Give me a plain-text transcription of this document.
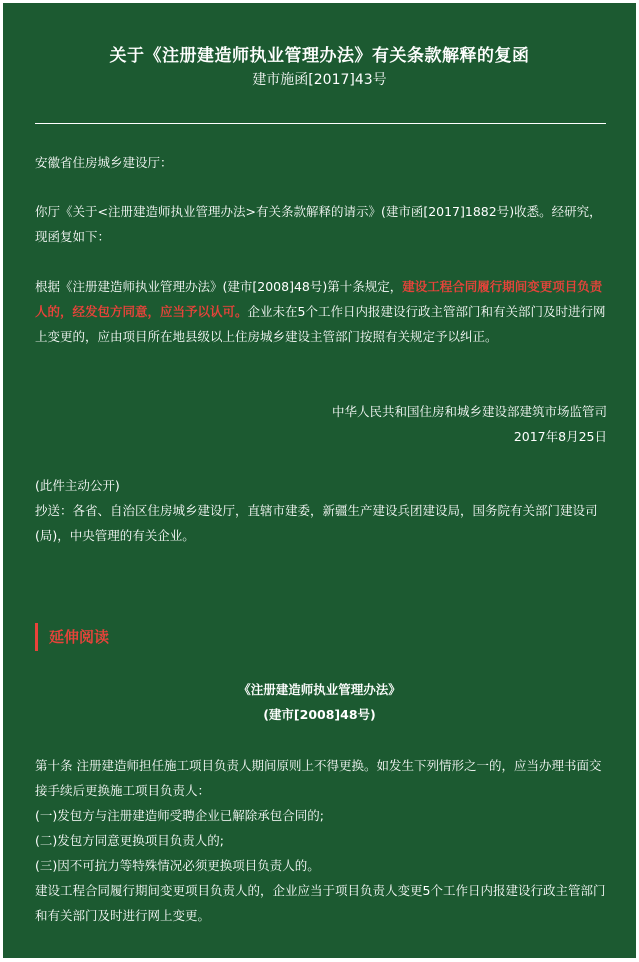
关于《注册建造师执业管理办法》有关条款解释的复函
建市施函[2017]43号
安徽省住房城乡建设厅：
你厅《关于<注册建造师执业管理办法>有关条款解释的请示》(建市函[2017]1882号)收悉。经研究，现函复如下：
根据《注册建造师执业管理办法》(建市[2008]48号)第十条规定，建设工程合同履行期间变更项目负责人的，经发包方同意，应当予以认可。企业未在5个工作日内报建设行政主管部门和有关部门及时进行网上变更的，应由项目所在地县级以上住房城乡建设主管部门按照有关规定予以纠正。
中华人民共和国住房和城乡建设部建筑市场监管司
2017年8月25日
(此件主动公开)
抄送：各省、自治区住房城乡建设厅，直辖市建委，新疆生产建设兵团建设局，国务院有关部门建设司(局)，中央管理的有关企业。
延伸阅读
《注册建造师执业管理办法》
(建市[2008]48号)
第十条 注册建造师担任施工项目负责人期间原则上不得更换。如发生下列情形之一的，应当办理书面交接手续后更换施工项目负责人：
(一)发包方与注册建造师受聘企业已解除承包合同的;
(二)发包方同意更换项目负责人的;
(三)因不可抗力等特殊情况必须更换项目负责人的。
建设工程合同履行期间变更项目负责人的，企业应当于项目负责人变更5个工作日内报建设行政主管部门和有关部门及时进行网上变更。
